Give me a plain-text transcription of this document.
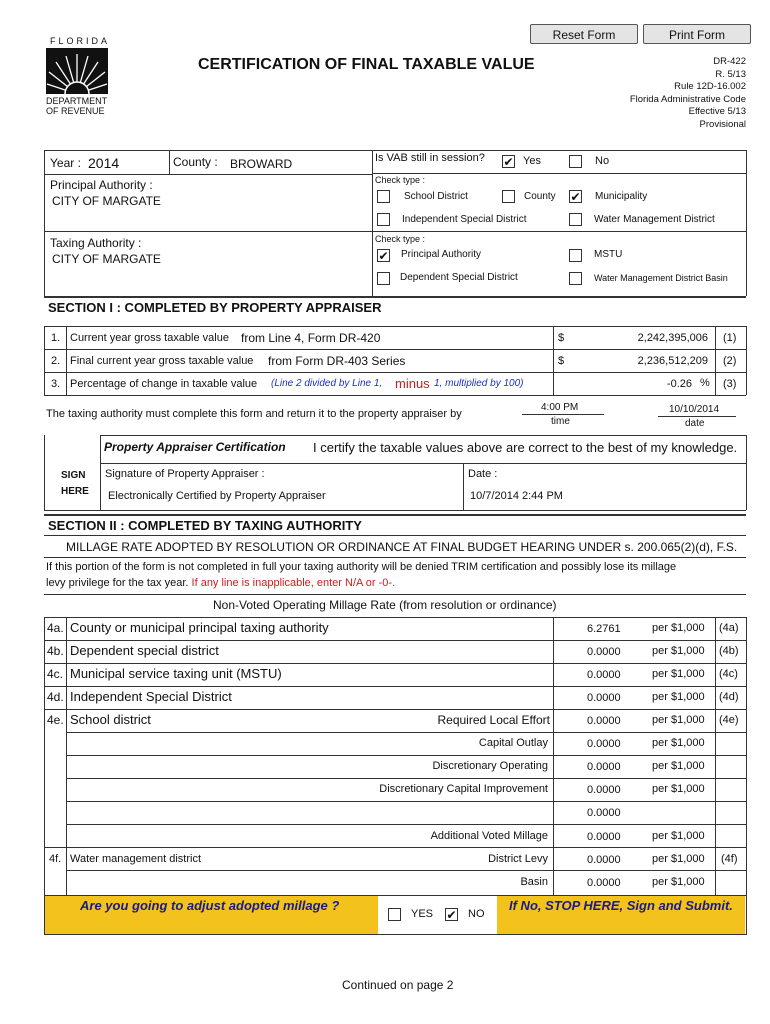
Reset Form	Print Form
FLORIDA
DEPARTMENT
OF REVENUE
CERTIFICATION OF FINAL TAXABLE VALUE	DR-422
R. 5/13
Rule 12D-16.002
Florida Administrative Code
Effective 5/13
Provisional
Year : 2014	County : BROWARD	Is VAB still in session? ✔ Yes	No
Principal Authority :
CITY OF MARGATE
Check type :
School District	County ✔ Municipality
Independent Special District	Water Management District
Taxing Authority :
CITY OF MARGATE
Check type :
✔ Principal Authority	MSTU
Dependent Special District	Water Management District Basin
SECTION I : COMPLETED BY PROPERTY APPRAISER
1. Current year gross taxable value from Line 4, Form DR-420	$	2,242,395,006 (1)
2. Final current year gross taxable value from Form DR-403 Series	$	2,236,512,209 (2)
3. Percentage of change in taxable value (Line 2 divided by Line 1, minus 1, multiplied by 100)	-0.26 % (3)
The taxing authority must complete this form and return it to the property appraiser by
4:00 PM
time
10/10/2014
date
Property Appraiser Certification I certify the taxable values above are correct to the best of my knowledge.
SIGN
HERE
Signature of Property Appraiser :
Electronically Certified by Property Appraiser
Date :
10/7/2014 2:44 PM
SECTION II : COMPLETED BY TAXING AUTHORITY
MILLAGE RATE ADOPTED BY RESOLUTION OR ORDINANCE AT FINAL BUDGET HEARING UNDER s. 200.065(2)(d), F.S.
If this portion of the form is not completed in full your taxing authority will be denied TRIM certification and possibly lose its millage
levy privilege for the tax year. If any line is inapplicable, enter N/A or -0-.
Non-Voted Operating Millage Rate (from resolution or ordinance)
4a. County or municipal principal taxing authority	6.2761	per $1,000 (4a)
4b. Dependent special district	0.0000	per $1,000 (4b)
4c. Municipal service taxing unit (MSTU)	0.0000	per $1,000 (4c)
4d. Independent Special District	0.0000	per $1,000 (4d)
4e. School district	Required Local Effort	0.0000	per $1,000 (4e)
Capital Outlay	0.0000	per $1,000
Discretionary Operating	0.0000	per $1,000
Discretionary Capital Improvement	0.0000	per $1,000
0.0000
Additional Voted Millage	0.0000	per $1,000
4f. Water management district	District Levy	0.0000	per $1,000 (4f)
Basin	0.0000	per $1,000
Are you going to adjust adopted millage ?
YES ✔ NO
If No, STOP HERE, Sign and Submit.
Continued on page 2
